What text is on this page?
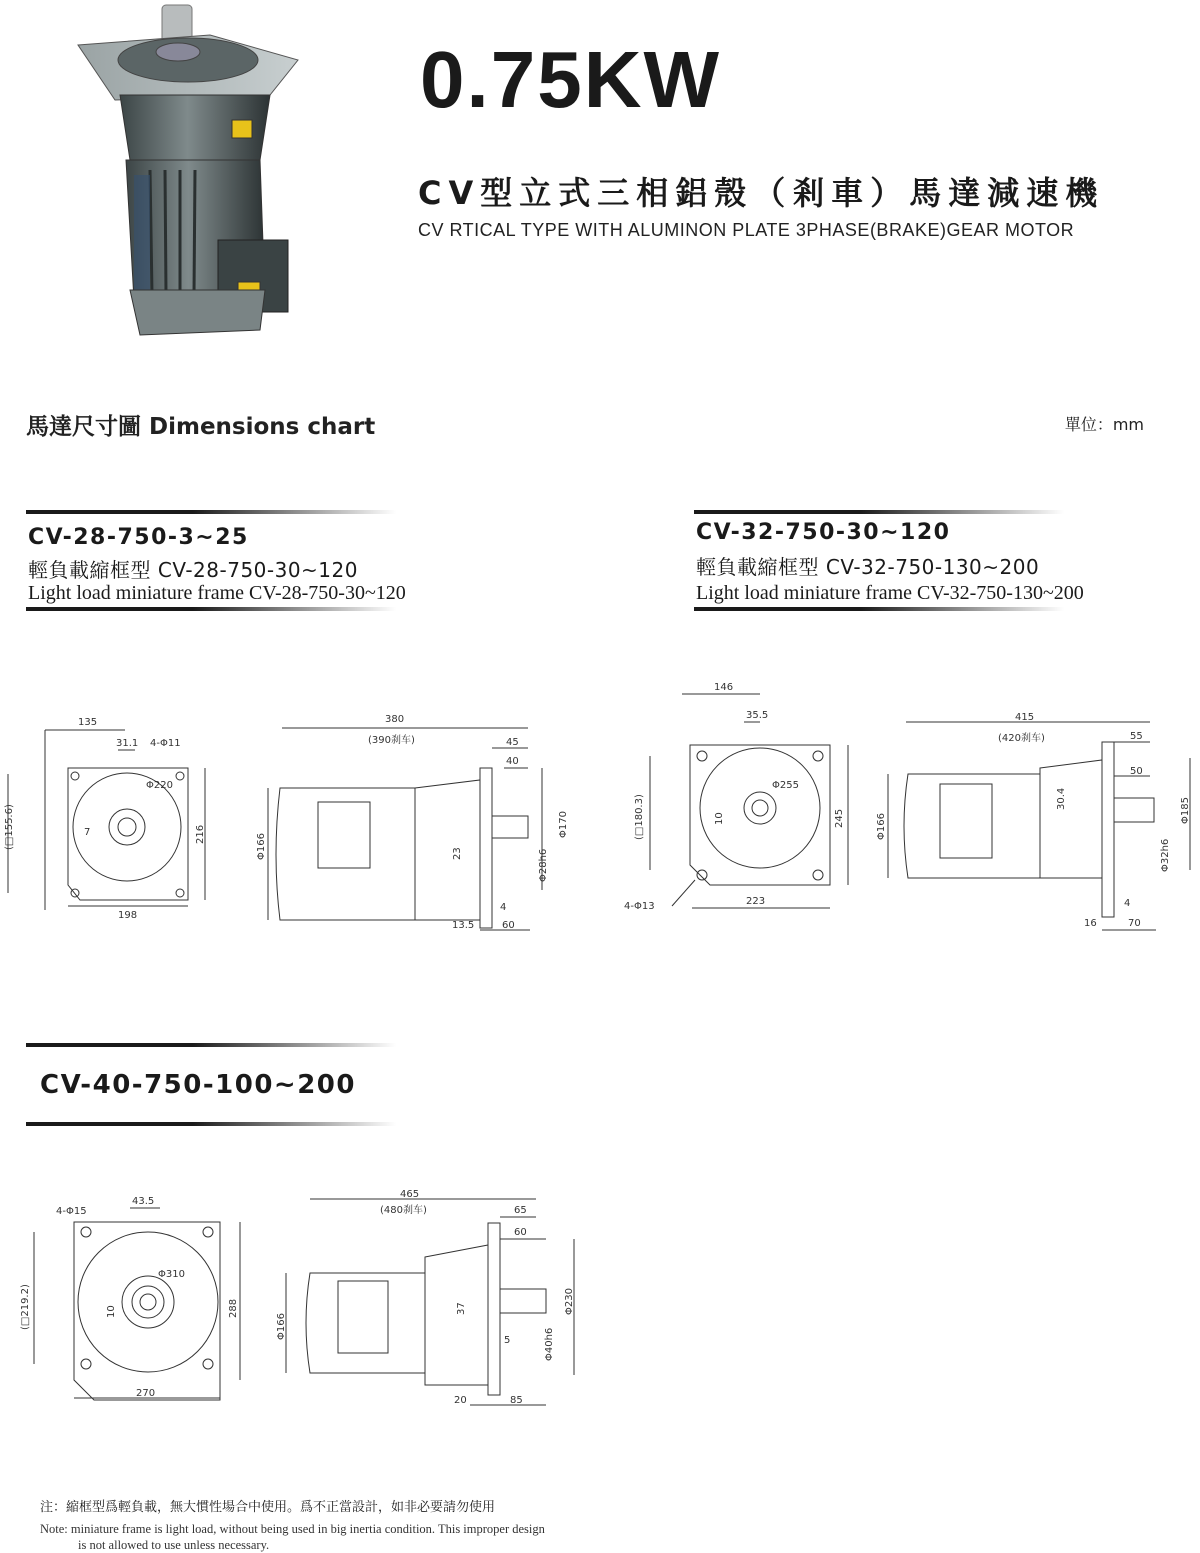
0.75KW
CV型立式三相鋁殼（剎車）馬達減速機
CV RTICAL TYPE WITH ALUMINON PLATE 3PHASE(BRAKE)GEAR MOTOR
馬達尺寸圖 Dimensions chart	單位：mm
CV-28-750-3~25
輕負載縮框型 CV-28-750-30~120
Light load miniature frame CV-28-750-30~120
CV-32-750-30~120
輕負載縮框型 CV-32-750-130~200
Light load miniature frame CV-32-750-130~200
CV-40-750-100~200
135
31.1 4-Φ11
Φ220
7
(□155.6)	216
198
380
(390刹车)	45
40
Φ166	23
Φ170
Φ28h6
4
13.5	60
146
35.5
Φ255
10
(□180.3)	245
4-Φ13	223
415
(420刹车)	55
50
Φ166
30.4	Φ185
Φ32h6
4
16	70
4-Φ15
43.5
Φ310
10
(□219.2)	288
270
465
(480刹车)	65
60
Φ166
37	Φ230
Φ40h6
5
20	85
注：縮框型爲輕負載，無大慣性場合中使用。爲不正當設計，如非必要請勿使用
Note: miniature frame is light load, without being used in big inertia condition. This improper design
is not allowed to use unless necessary.
